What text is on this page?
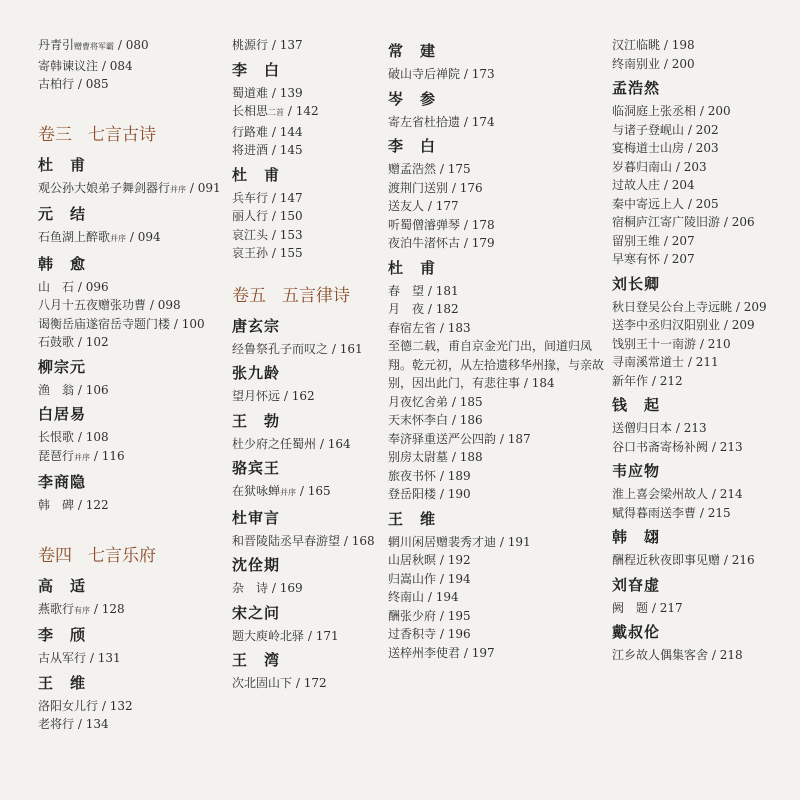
丹青引赠曹将军霸 / 080
寄韩谏议注 / 084
古柏行 / 085
卷三 七言古诗
杜　甫
观公孙大娘弟子舞剑器行并序 / 091
元　结
石鱼湖上醉歌并序 / 094
韩　愈
山　石 / 096
八月十五夜赠张功曹 / 098
谒衡岳庙遂宿岳寺题门楼 / 100
石鼓歌 / 102
柳宗元
渔　翁 / 106
白居易
长恨歌 / 108
琵琶行并序 / 116
李商隐
韩　碑 / 122
卷四 七言乐府
高　适
燕歌行有序 / 128
李　颀
古从军行 / 131
王　维
洛阳女儿行 / 132
老将行 / 134
桃源行 / 137
李　白
蜀道难 / 139
长相思二首 / 142
行路难 / 144
将进酒 / 145
杜　甫
兵车行 / 147
丽人行 / 150
哀江头 / 153
哀王孙 / 155
卷五 五言律诗
唐玄宗
经鲁祭孔子而叹之 / 161
张九龄
望月怀远 / 162
王　勃
杜少府之任蜀州 / 164
骆宾王
在狱咏蝉并序 / 165
杜审言
和晋陵陆丞早春游望 / 168
沈佺期
杂　诗 / 169
宋之问
题大庾岭北驿 / 171
王　湾
次北固山下 / 172
常　建
破山寺后禅院 / 173
岑　参
寄左省杜拾遗 / 174
李　白
赠孟浩然 / 175
渡荆门送别 / 176
送友人 / 177
听蜀僧濬弹琴 / 178
夜泊牛渚怀古 / 179
杜　甫
春　望 / 181
月　夜 / 182
春宿左省 / 183
至德二载，甫自京金光门出，间道归凤翔。乾元初，从左拾遗移华州掾，与亲故别，因出此门，有悲往事 / 184
月夜忆舍弟 / 185
天末怀李白 / 186
奉济驿重送严公四韵 / 187
别房太尉墓 / 188
旅夜书怀 / 189
登岳阳楼 / 190
王　维
辋川闲居赠裴秀才迪 / 191
山居秋暝 / 192
归嵩山作 / 194
终南山 / 194
酬张少府 / 195
过香积寺 / 196
送梓州李使君 / 197
汉江临眺 / 198
终南别业 / 200
孟浩然
临洞庭上张丞相 / 200
与诸子登岘山 / 202
宴梅道士山房 / 203
岁暮归南山 / 203
过故人庄 / 204
秦中寄远上人 / 205
宿桐庐江寄广陵旧游 / 206
留别王维 / 207
早寒有怀 / 207
刘长卿
秋日登吴公台上寺远眺 / 209
送李中丞归汉阳别业 / 209
饯别王十一南游 / 210
寻南溪常道士 / 211
新年作 / 212
钱　起
送僧归日本 / 213
谷口书斋寄杨补阙 / 213
韦应物
淮上喜会梁州故人 / 214
赋得暮雨送李曹 / 215
韩　翃
酬程近秋夜即事见赠 / 216
刘昚虚
阙　题 / 217
戴叔伦
江乡故人偶集客舍 / 218
